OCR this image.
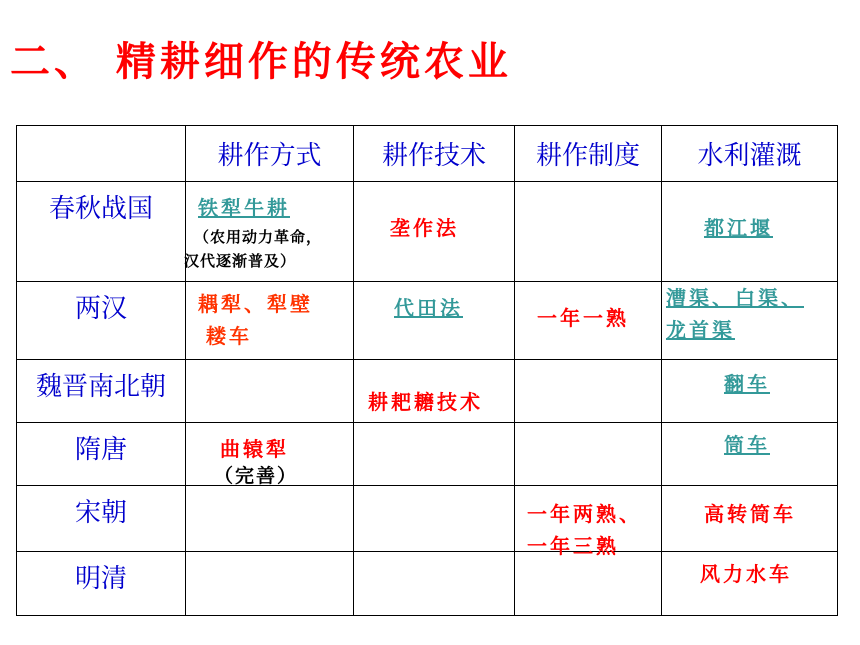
二、 精耕细作的传统农业
	耕作方式	耕作技术	耕作制度	水利灌溉
春秋战国	铁犁牛耕
（农用动力革命，
汉代逐渐普及）	垄作法		都江堰

两汉	耦犁、犁壁
耧车	代田法	一年一熟	漕渠、白渠、
龙首渠

魏晋南北朝		耕耙耱技术		翻车

隋唐	曲辕犁
（完善）			筒车

宋朝			一年两熟、
一年三熟	高转筒车

明清				风力水车
